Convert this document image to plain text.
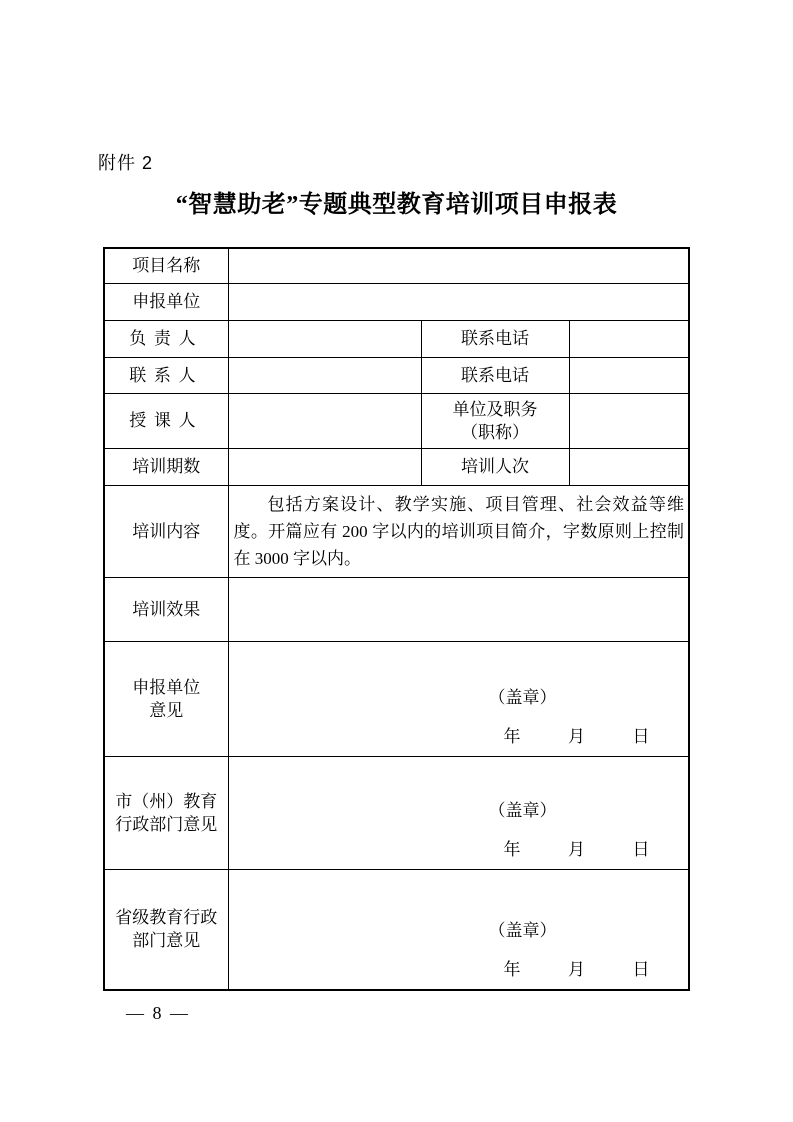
附件 2
“智慧助老”专题典型教育培训项目申报表
项目名称			
申报单位			
负责人		联系电话	
联系人		联系电话	
授课人		单位及职务
（职称）	
培训期数		培训人次	
培训内容	包括方案设计、教学实施、项目管理、社会效益等维度。开篇应有 200 字以内的培训项目简介，字数原则上控制在 3000 字以内。		
培训效果			
申报单位
意见	
（盖章）
年	月	日

市（州）教育
行政部门意见	
（盖章）
年	月	日

省级教育行政
部门意见	
（盖章）
年	月	日
— 8 —
